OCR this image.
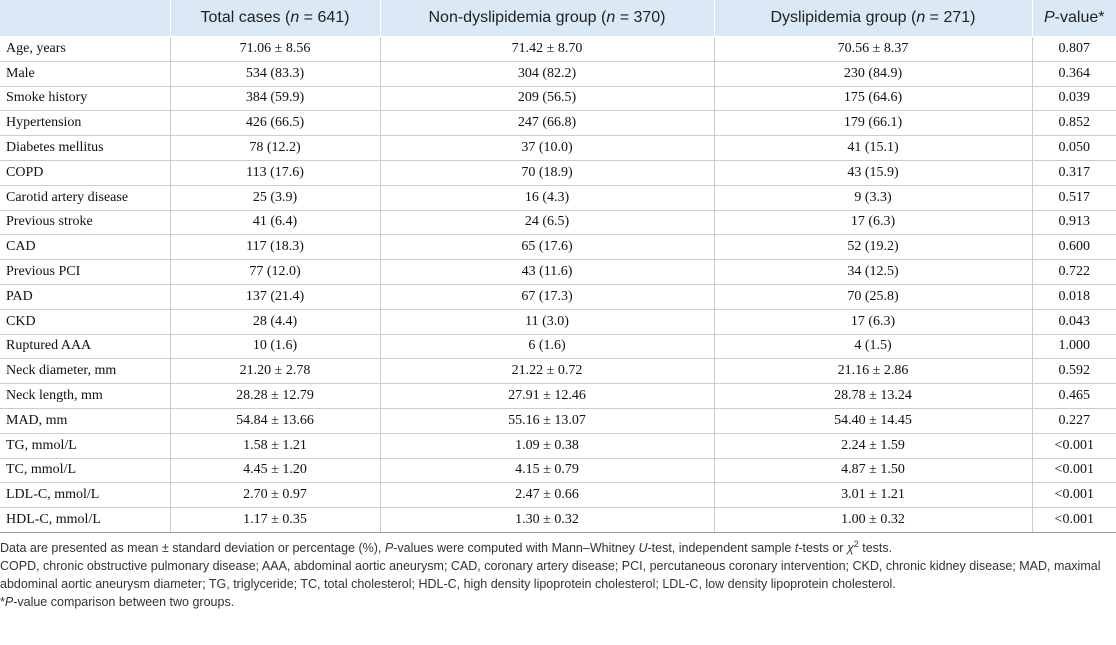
	Total cases (n = 641)	Non-dyslipidemia group (n = 370)	Dyslipidemia group (n = 271)	P-value*
Age, years	71.06 ± 8.56	71.42 ± 8.70	70.56 ± 8.37	0.807
Male	534 (83.3)	304 (82.2)	230 (84.9)	0.364
Smoke history	384 (59.9)	209 (56.5)	175 (64.6)	0.039
Hypertension	426 (66.5)	247 (66.8)	179 (66.1)	0.852
Diabetes mellitus	78 (12.2)	37 (10.0)	41 (15.1)	0.050
COPD	113 (17.6)	70 (18.9)	43 (15.9)	0.317
Carotid artery disease	25 (3.9)	16 (4.3)	9 (3.3)	0.517
Previous stroke	41 (6.4)	24 (6.5)	17 (6.3)	0.913
CAD	117 (18.3)	65 (17.6)	52 (19.2)	0.600
Previous PCI	77 (12.0)	43 (11.6)	34 (12.5)	0.722
PAD	137 (21.4)	67 (17.3)	70 (25.8)	0.018
CKD	28 (4.4)	11 (3.0)	17 (6.3)	0.043
Ruptured AAA	10 (1.6)	6 (1.6)	4 (1.5)	1.000
Neck diameter, mm	21.20 ± 2.78	21.22 ± 0.72	21.16 ± 2.86	0.592
Neck length, mm	28.28 ± 12.79	27.91 ± 12.46	28.78 ± 13.24	0.465
MAD, mm	54.84 ± 13.66	55.16 ± 13.07	54.40 ± 14.45	0.227
TG, mmol/L	1.58 ± 1.21	1.09 ± 0.38	2.24 ± 1.59	<0.001
TC, mmol/L	4.45 ± 1.20	4.15 ± 0.79	4.87 ± 1.50	<0.001
LDL-C, mmol/L	2.70 ± 0.97	2.47 ± 0.66	3.01 ± 1.21	<0.001
HDL-C, mmol/L	1.17 ± 0.35	1.30 ± 0.32	1.00 ± 0.32	<0.001

Data are presented as mean ± standard deviation or percentage (%), P-values were computed with Mann–Whitney U-test, independent sample t-tests or $\chi^2$ tests.

COPD, chronic obstructive pulmonary disease; AAA, abdominal aortic aneurysm; CAD, coronary artery disease; PCI, percutaneous coronary intervention; CKD, chronic kidney disease; MAD, maximal abdominal aortic aneurysm diameter; TG, triglyceride; TC, total cholesterol; HDL-C, high density lipoprotein cholesterol; LDL-C, low density lipoprotein cholesterol.

*P-value comparison between two groups.
